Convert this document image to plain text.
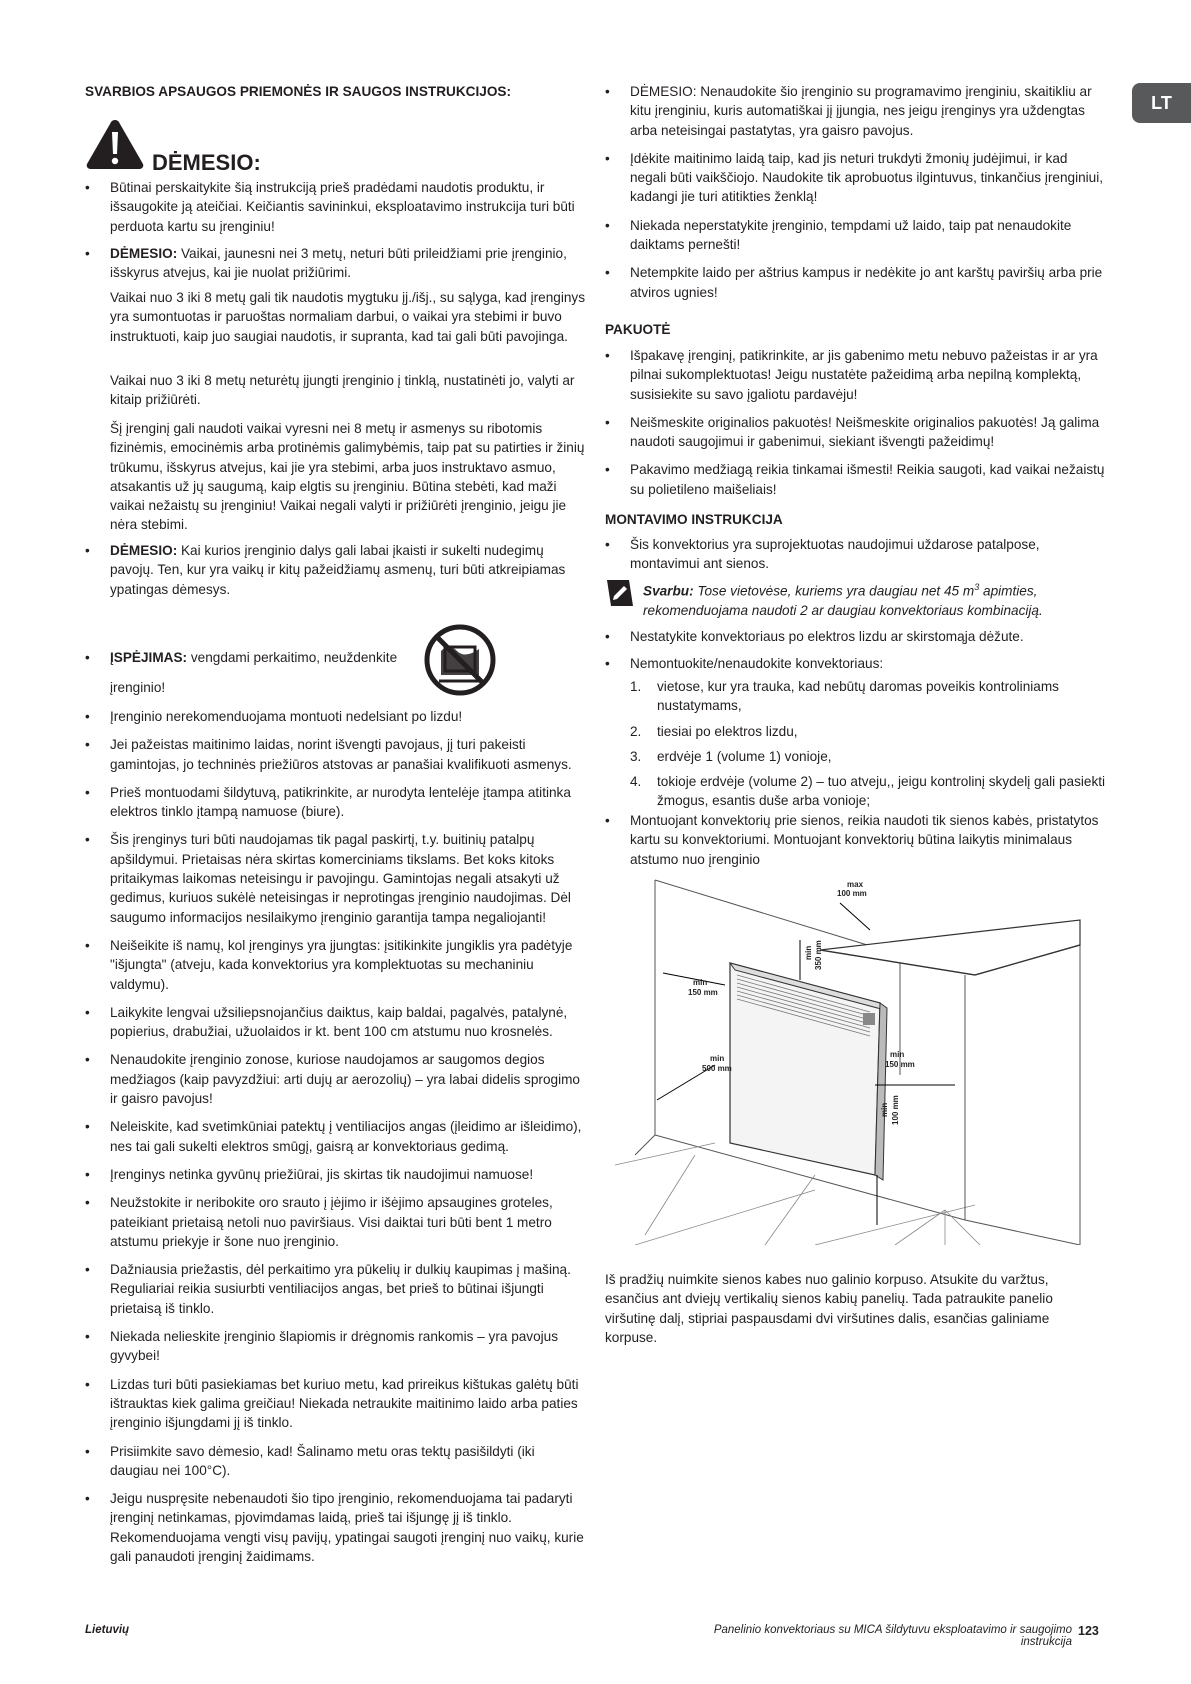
LT
SVARBIOS APSAUGOS PRIEMONĖS IR SAUGOS INSTRUKCIJOS:
DĖMESIO:
• Būtinai perskaitykite šią instrukciją prieš pradėdami naudotis produktu, ir išsaugokite ją ateičiai. Keičiantis savininkui, eksploatavimo instrukcija turi būti perduota kartu su įrenginiu!
• DĖMESIO: Vaikai, jaunesni nei 3 metų, neturi būti prileidžiami prie įrenginio, išskyrus atvejus, kai jie nuolat prižiūrimi.
Vaikai nuo 3 iki 8 metų gali tik naudotis mygtuku įj./išj., su sąlyga, kad įrenginys yra sumontuotas ir paruoštas normaliam darbui, o vaikai yra stebimi ir buvo instruktuoti, kaip juo saugiai naudotis, ir supranta, kad tai gali būti pavojinga.
Vaikai nuo 3 iki 8 metų neturėtų įjungti įrenginio į tinklą, nustatinėti jo, valyti ar kitaip prižiūrėti.
Šį įrenginį gali naudoti vaikai vyresni nei 8 metų ir asmenys su ribotomis fizinėmis, emocinėmis arba protinėmis galimybėmis, taip pat su patirties ir žinių trūkumu, išskyrus atvejus, kai jie yra stebimi, arba juos instruktavo asmuo, atsakantis už jų saugumą, kaip elgtis su įrenginiu. Būtina stebėti, kad maži vaikai nežaistų su įrenginiu! Vaikai negali valyti ir prižiūrėti įrenginio, jeigu jie nėra stebimi.
• DĖMESIO: Kai kurios įrenginio dalys gali labai įkaisti ir sukelti nudegimų pavojų. Ten, kur yra vaikų ir kitų pažeidžiamų asmenų, turi būti atkreipiamas ypatingas dėmesys.
•	ĮSPĖJIMAS: vengdami perkaitimo, neuždenkite
įrenginio!
• Įrenginio nerekomenduojama montuoti nedelsiant po lizdu!
• Jei pažeistas maitinimo laidas, norint išvengti pavojaus, jį turi pakeisti gamintojas, jo techninės priežiūros atstovas ar panašiai kvalifikuoti asmenys.
• Prieš montuodami šildytuvą, patikrinkite, ar nurodyta lentelėje įtampa atitinka elektros tinklo įtampą namuose (biure).
• Šis įrenginys turi būti naudojamas tik pagal paskirtį, t.y. buitinių patalpų apšildymui. Prietaisas nėra skirtas komerciniams tikslams. Bet koks kitoks pritaikymas laikomas neteisingu ir pavojingu. Gamintojas negali atsakyti už gedimus, kuriuos sukėlė neteisingas ir neprotingas įrenginio naudojimas. Dėl saugumo informacijos nesilaikymo įrenginio garantija tampa negaliojanti!
• Neišeikite iš namų, kol įrenginys yra įjungtas: įsitikinkite jungiklis yra padėtyje "išjungta" (atveju, kada konvektorius yra komplektuotas su mechaniniu valdymu).
• Laikykite lengvai užsiliepsnojančius daiktus, kaip baldai, pagalvės, patalynė, popierius, drabužiai, užuolaidos ir kt. bent 100 cm atstumu nuo krosnelės.
• Nenaudokite įrenginio zonose, kuriose naudojamos ar saugomos degios medžiagos (kaip pavyzdžiui: arti dujų ar aerozolių) – yra labai didelis sprogimo ir gaisro pavojus!
• Neleiskite, kad svetimkūniai patektų į ventiliacijos angas (įleidimo ar išleidimo), nes tai gali sukelti elektros smūgį, gaisrą ar konvektoriaus gedimą.
• Įrenginys netinka gyvūnų priežiūrai, jis skirtas tik naudojimui namuose!
• Neužstokite ir neribokite oro srauto į įėjimo ir išėjimo apsaugines groteles, pateikiant prietaisą netoli nuo paviršiaus. Visi daiktai turi būti bent 1 metro atstumu priekyje ir šone nuo įrenginio.
• Dažniausia priežastis, dėl perkaitimo yra pūkelių ir dulkių kaupimas į mašiną. Reguliariai reikia susiurbti ventiliacijos angas, bet prieš to būtinai išjungti prietaisą iš tinklo.
• Niekada nelieskite įrenginio šlapiomis ir drėgnomis rankomis – yra pavojus gyvybei!
• Lizdas turi būti pasiekiamas bet kuriuo metu, kad prireikus kištukas galėtų būti ištrauktas kiek galima greičiau! Niekada netraukite maitinimo laido arba paties įrenginio išjungdami jį iš tinklo.
• Prisiimkite savo dėmesio, kad! Šalinamo metu oras tektų pasišildyti (iki daugiau nei 100°C).
• Jeigu nuspręsite nebenaudoti šio tipo įrenginio, rekomenduojama tai padaryti įrenginį netinkamas, pjovimdamas laidą, prieš tai išjungę jį iš tinklo. Rekomenduojama vengti visų pavijų, ypatingai saugoti įrenginį nuo vaikų, kurie gali panaudoti įrenginį žaidimams.
• DĖMESIO: Nenaudokite šio įrenginio su programavimo įrenginiu, skaitikliu ar kitu įrenginiu, kuris automatiškai jį įjungia, nes jeigu įrenginys yra uždengtas arba neteisingai pastatytas, yra gaisro pavojus.
• Įdėkite maitinimo laidą taip, kad jis neturi trukdyti žmonių judėjimui, ir kad negali būti vaikščiojo. Naudokite tik aprobuotus ilgintuvus, tinkančius įrenginiui, kadangi jie turi atitikties ženklą!
• Niekada neperstatykite įrenginio, tempdami už laido, taip pat nenaudokite daiktams pernešti!
• Netempkite laido per aštrius kampus ir nedėkite jo ant karštų paviršių arba prie atviros ugnies!
PAKUOTĖ
• Išpakavę įrenginį, patikrinkite, ar jis gabenimo metu nebuvo pažeistas ir ar yra pilnai sukomplektuotas! Jeigu nustatėte pažeidimą arba nepilną komplektą, susisiekite su savo įgaliotu pardavėju!
• Neišmeskite originalios pakuotės! Neišmeskite originalios pakuotės! Ją galima naudoti saugojimui ir gabenimui, siekiant išvengti pažeidimų!
• Pakavimo medžiagą reikia tinkamai išmesti! Reikia saugoti, kad vaikai nežaistų su polietileno maišeliais!
MONTAVIMO INSTRUKCIJA
• Šis konvektorius yra suprojektuotas naudojimui uždarose patalpose, montavimui ant sienos.
Svarbu: Tose vietovėse, kuriems yra daugiau net 45 $m^3$ apimties,
rekomenduojama naudoti 2 ar daugiau konvektoriaus kombinaciją.
• Nestatykite konvektoriaus po elektros lizdu ar skirstomąja dėžute.
• Nemontuokite/nenaudokite konvektoriaus:
1. vietose, kur yra trauka, kad nebūtų daromas poveikis kontroliniams nustatymams,
2. tiesiai po elektros lizdu,
3. erdvėje 1 (volume 1) vonioje,
4. tokioje erdvėje (volume 2) – tuo atveju,, jeigu kontrolinį skydelį gali pasiekti žmogus, esantis duše arba vonioje;
• Montuojant konvektorių prie sienos, reikia naudoti tik sienos kabės, pristatytos kartu su konvektoriumi. Montuojant konvektorių būtina laikytis minimalaus atstumo nuo įrenginio
max
100 mm
min 350 mm
min
150 mm
min
500 mm
min
150 mm
min 100 mm
Iš pradžių nuimkite sienos kabes nuo galinio korpuso. Atsukite du varžtus, esančius ant dviejų vertikalių sienos kabių panelių. Tada patraukite panelio viršutinę dalį, stipriai paspausdami dvi viršutines dalis, esančias galiniame korpuse.
Lietuvių	Panelinio konvektoriaus su MICA šildytuvu eksploatavimo ir saugojimo instrukcija
123
